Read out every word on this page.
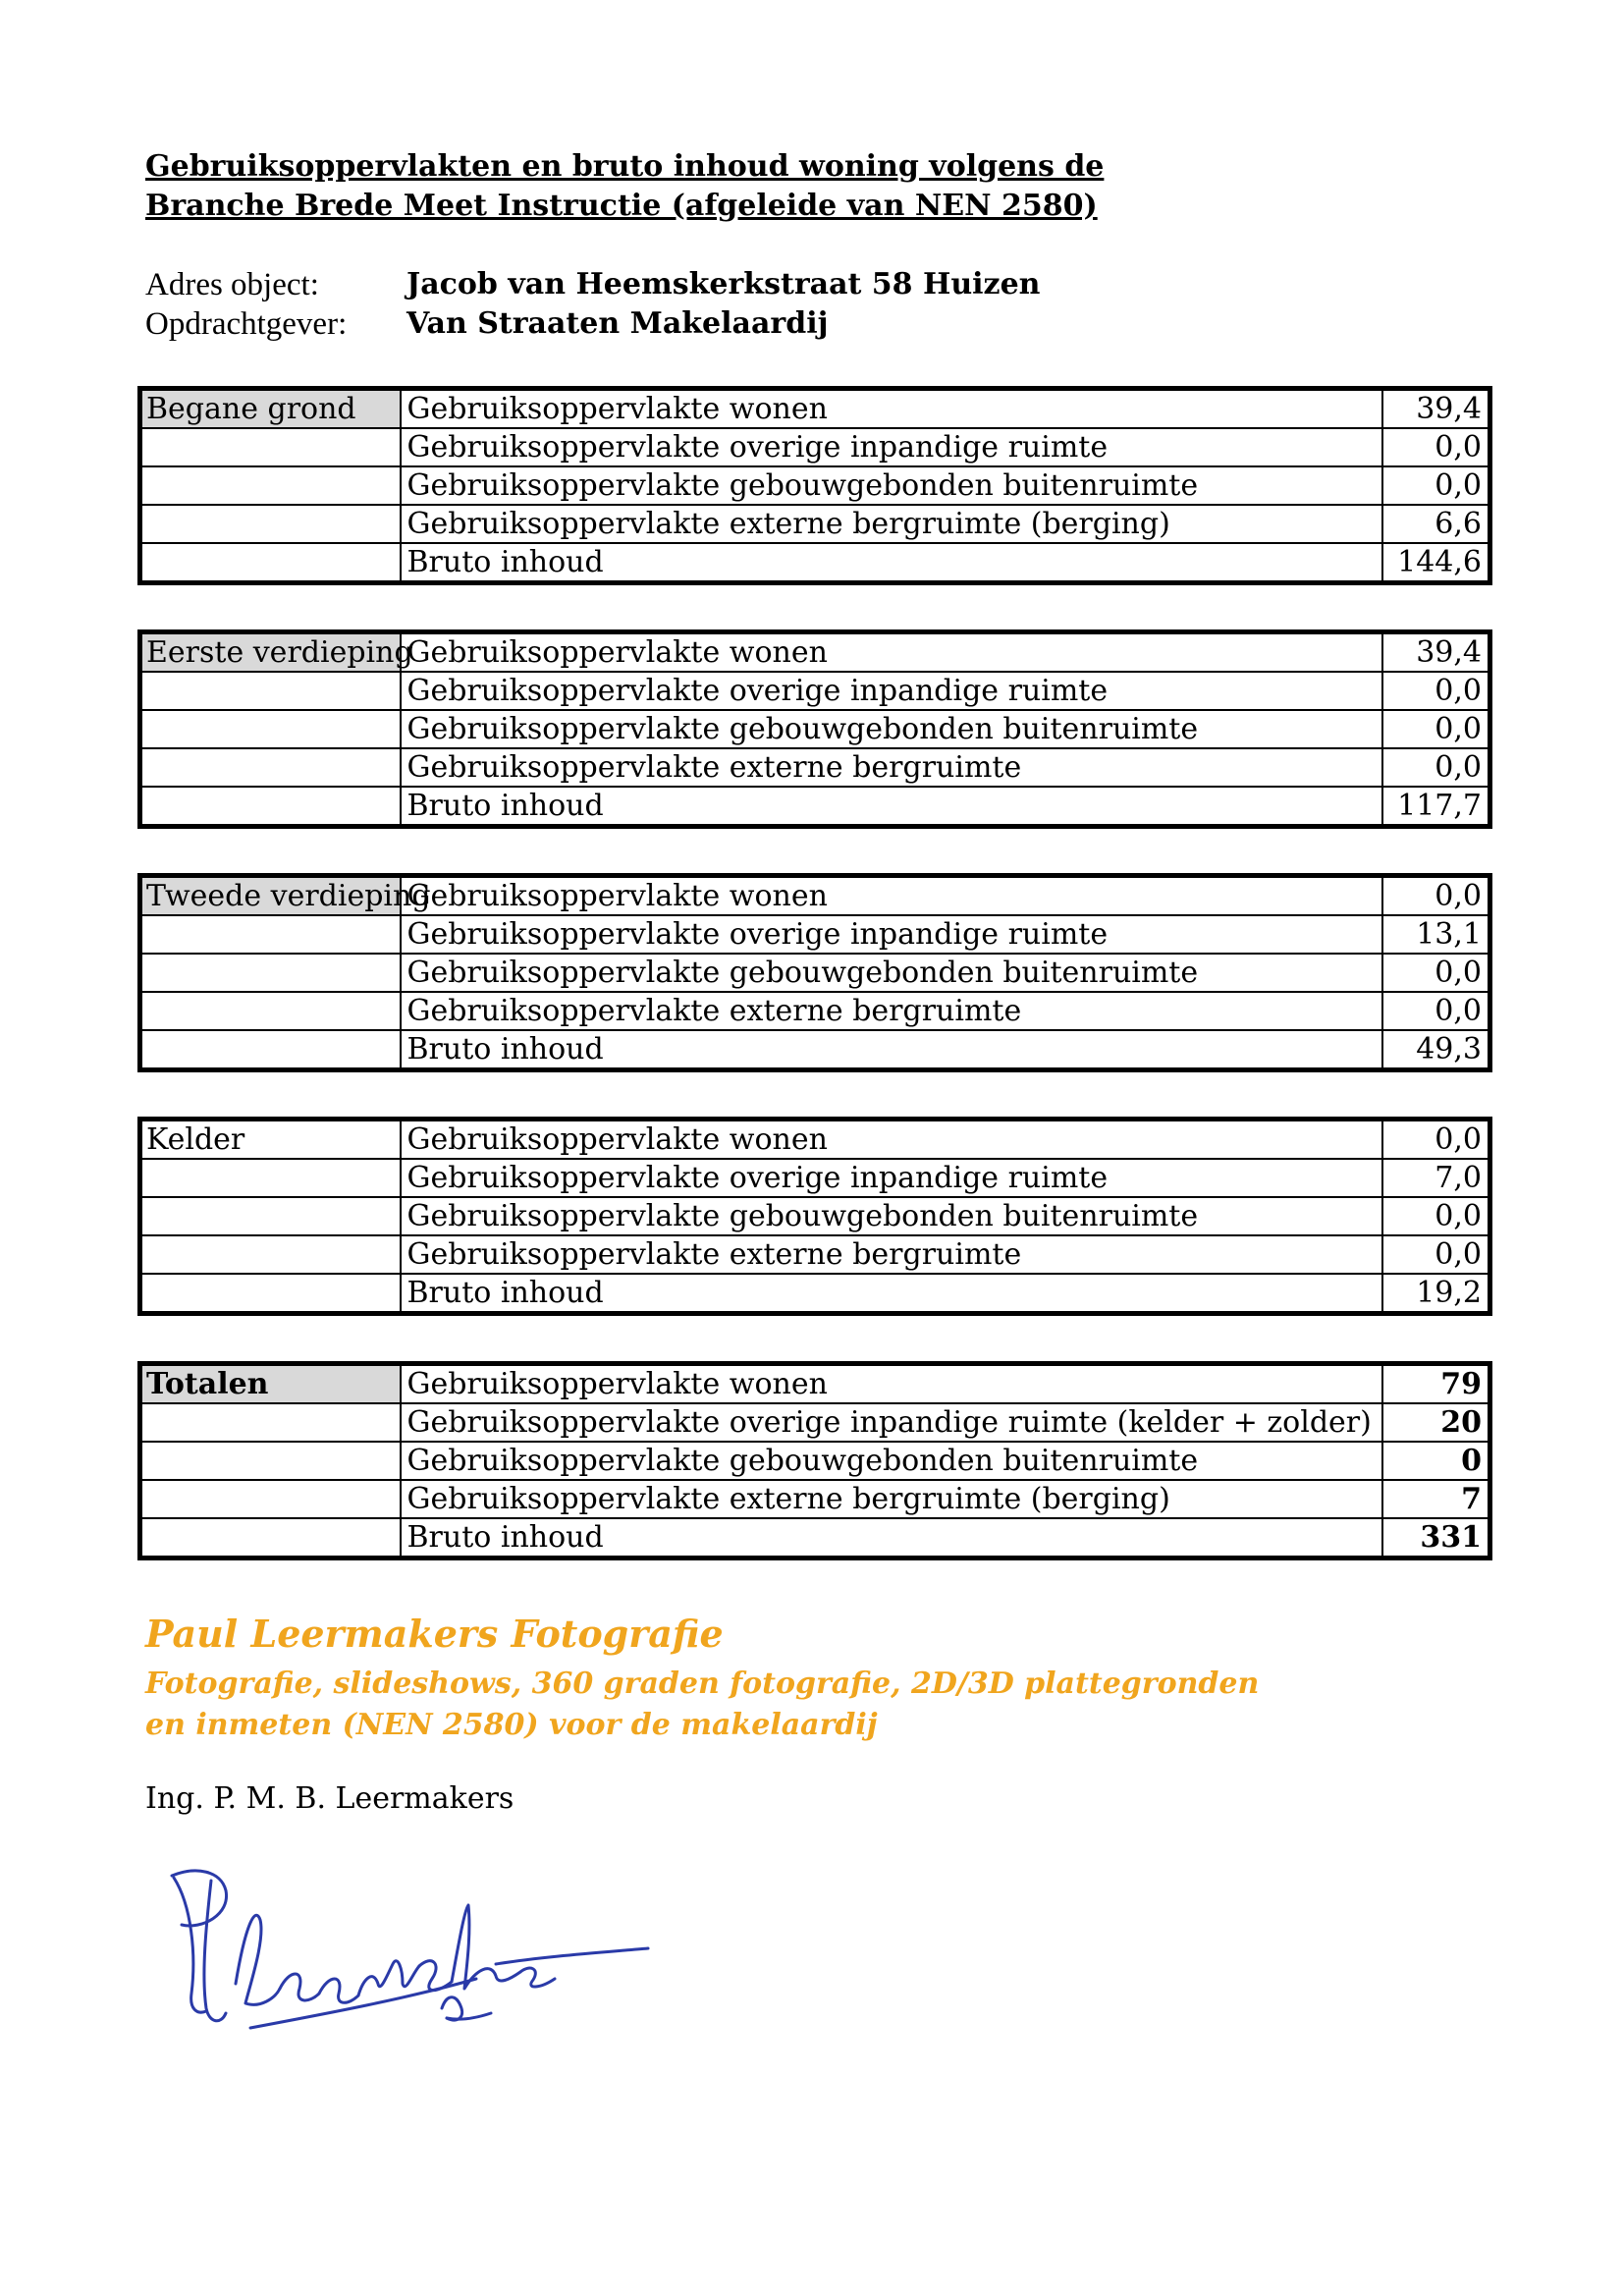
Gebruiksoppervlakten en bruto inhoud woning volgens de
Branche Brede Meet Instructie (afgeleide van NEN 2580)
Adres object:	Jacob van Heemskerkstraat 58 Huizen
Opdrachtgever:	Van Straaten Makelaardij
Begane grond	Gebruiksoppervlakte wonen	39,4
	Gebruiksoppervlakte overige inpandige ruimte	0,0
	Gebruiksoppervlakte gebouwgebonden buitenruimte	0,0
	Gebruiksoppervlakte externe bergruimte (berging)	6,6
	Bruto inhoud	144,6
Eerste verdieping	Gebruiksoppervlakte wonen	39,4
	Gebruiksoppervlakte overige inpandige ruimte	0,0
	Gebruiksoppervlakte gebouwgebonden buitenruimte	0,0
	Gebruiksoppervlakte externe bergruimte	0,0
	Bruto inhoud	117,7
Tweede verdieping	Gebruiksoppervlakte wonen	0,0
	Gebruiksoppervlakte overige inpandige ruimte	13,1
	Gebruiksoppervlakte gebouwgebonden buitenruimte	0,0
	Gebruiksoppervlakte externe bergruimte	0,0
	Bruto inhoud	49,3
Kelder	Gebruiksoppervlakte wonen	0,0
	Gebruiksoppervlakte overige inpandige ruimte	7,0
	Gebruiksoppervlakte gebouwgebonden buitenruimte	0,0
	Gebruiksoppervlakte externe bergruimte	0,0
	Bruto inhoud	19,2
Totalen	Gebruiksoppervlakte wonen	79
	Gebruiksoppervlakte overige inpandige ruimte (kelder + zolder)	20
	Gebruiksoppervlakte gebouwgebonden buitenruimte	0
	Gebruiksoppervlakte externe bergruimte (berging)	7
	Bruto inhoud	331
Paul Leermakers Fotografie
Fotografie, slideshows, 360 graden fotografie, 2D/3D plattegronden
en inmeten (NEN 2580) voor de makelaardij
Ing. P. M. B. Leermakers
